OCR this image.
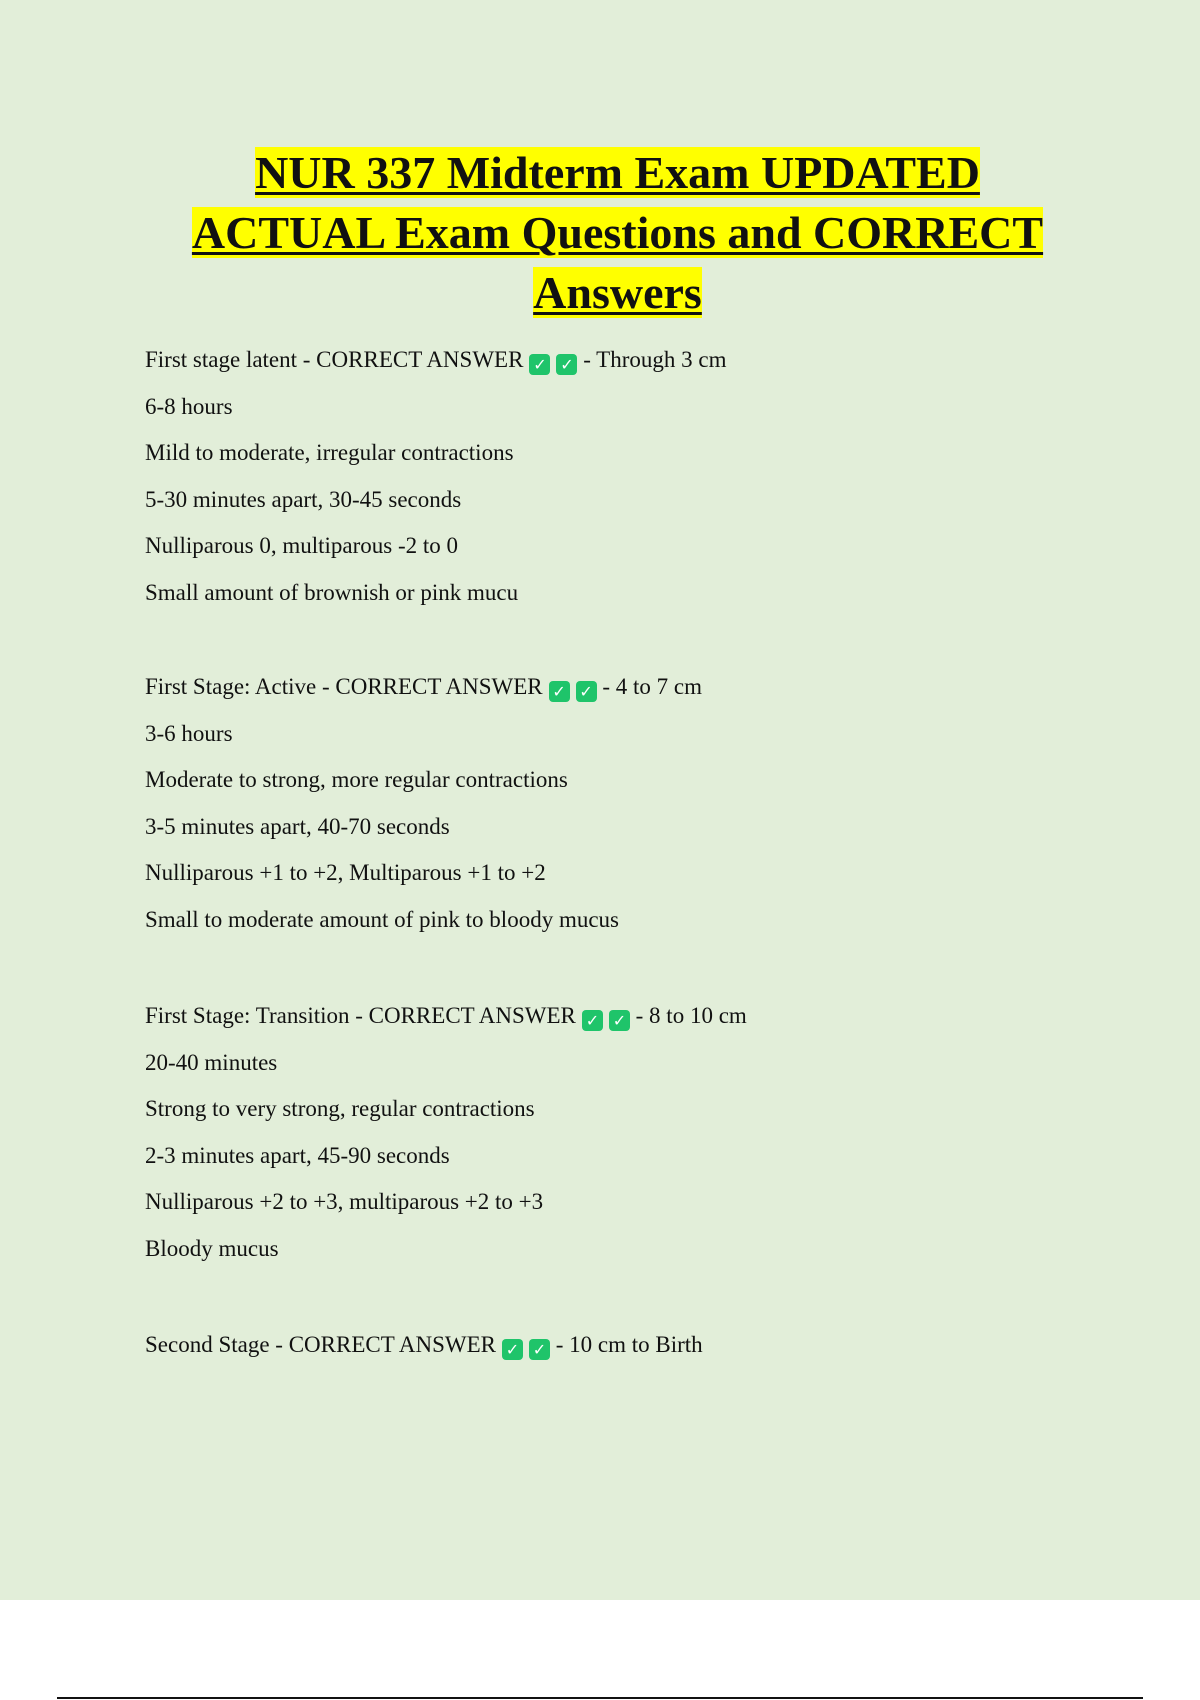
NUR 337 Midterm Exam UPDATED
ACTUAL Exam Questions and CORRECT
Answers
First stage latent - CORRECT ANSWER ✓ ✓ - Through 3 cm
6-8 hours
Mild to moderate, irregular contractions
5-30 minutes apart, 30-45 seconds
Nulliparous 0, multiparous -2 to 0
Small amount of brownish or pink mucu
First Stage: Active - CORRECT ANSWER ✓ ✓ - 4 to 7 cm
3-6 hours
Moderate to strong, more regular contractions
3-5 minutes apart, 40-70 seconds
Nulliparous +1 to +2, Multiparous +1 to +2
Small to moderate amount of pink to bloody mucus
First Stage: Transition - CORRECT ANSWER ✓ ✓ - 8 to 10 cm
20-40 minutes
Strong to very strong, regular contractions
2-3 minutes apart, 45-90 seconds
Nulliparous +2 to +3, multiparous +2 to +3
Bloody mucus
Second Stage - CORRECT ANSWER ✓ ✓ - 10 cm to Birth
